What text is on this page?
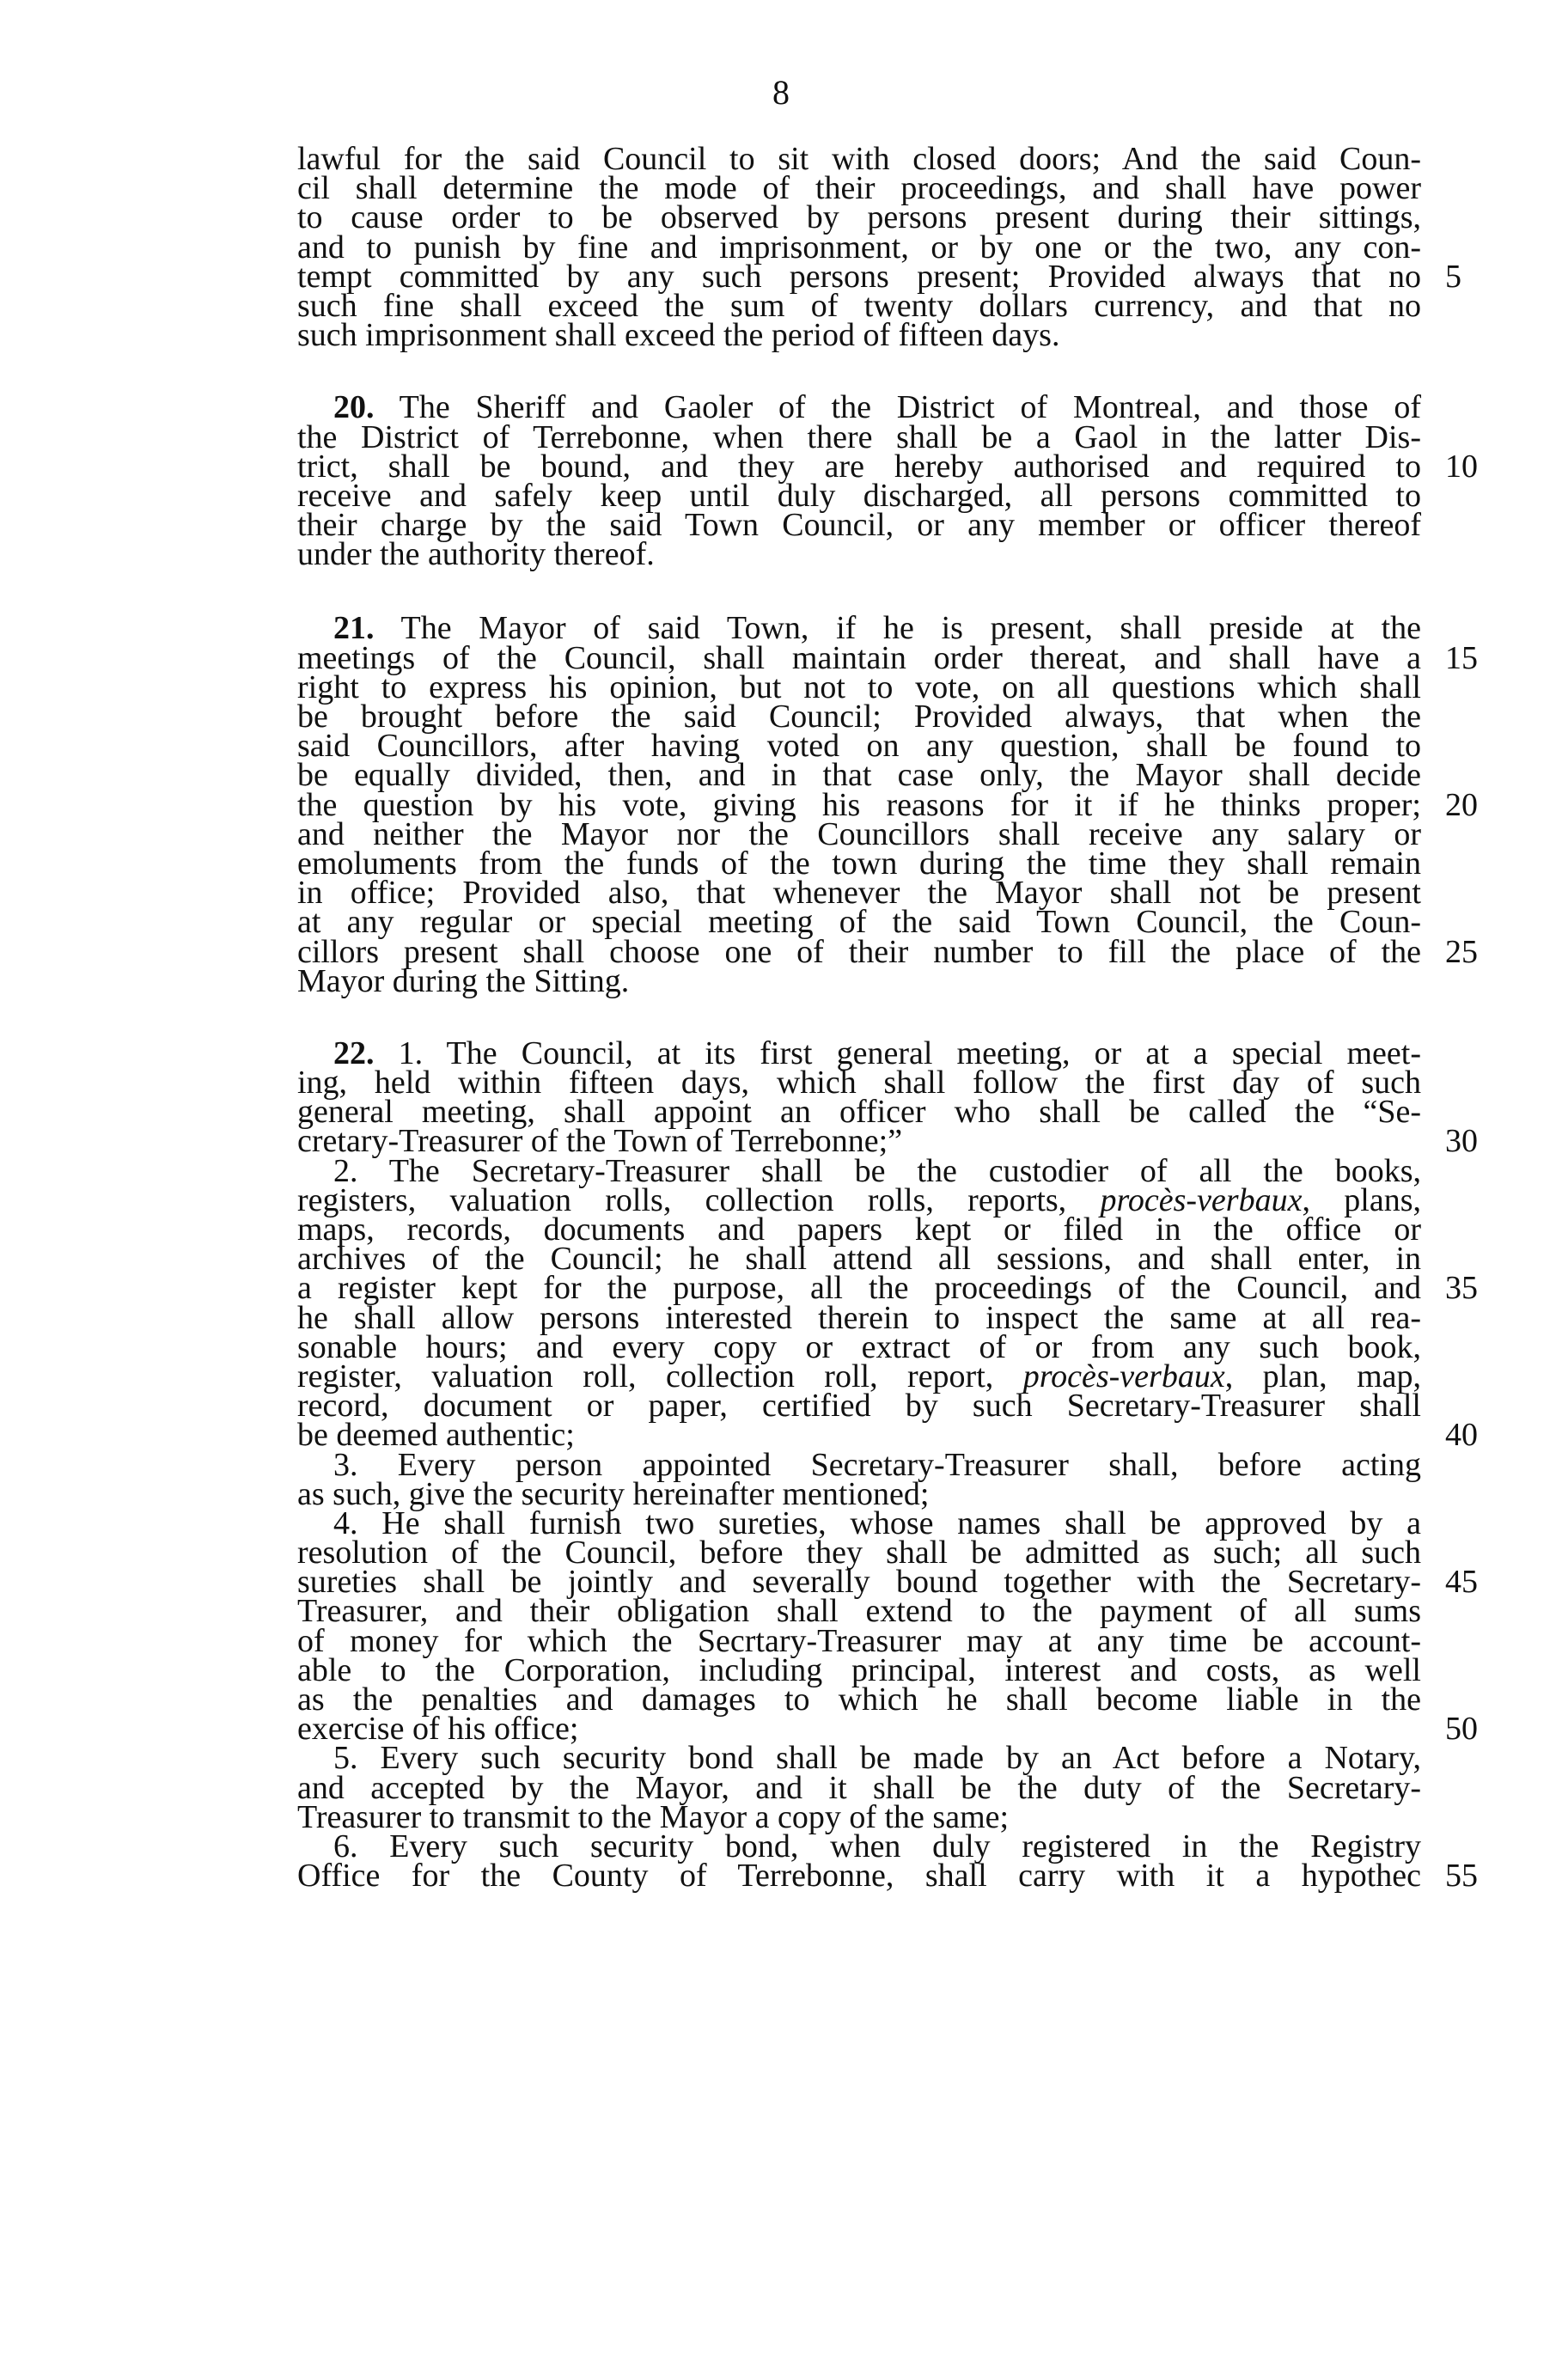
8
lawful for the said Council to sit with closed doors; And the said Coun-
cil shall determine the mode of their proceedings, and shall have power
to cause order to be observed by persons present during their sittings,
and to punish by fine and imprisonment, or by one or the two, any con-
tempt committed by any such persons present; Provided always that no 5
such fine shall exceed the sum of twenty dollars currency, and that no
such imprisonment shall exceed the period of fifteen days.
20. The Sheriff and Gaoler of the District of Montreal, and those of
the District of Terrebonne, when there shall be a Gaol in the latter Dis-
trict, shall be bound, and they are hereby authorised and required to 10
receive and safely keep until duly discharged, all persons committed to
their charge by the said Town Council, or any member or officer thereof
under the authority thereof.
21. The Mayor of said Town, if he is present, shall preside at the
meetings of the Council, shall maintain order thereat, and shall have a 15
right to express his opinion, but not to vote, on all questions which shall
be brought before the said Council; Provided always, that when the
said Councillors, after having voted on any question, shall be found to
be equally divided, then, and in that case only, the Mayor shall decide
the question by his vote, giving his reasons for it if he thinks proper; 20
and neither the Mayor nor the Councillors shall receive any salary or
emoluments from the funds of the town during the time they shall remain
in office; Provided also, that whenever the Mayor shall not be present
at any regular or special meeting of the said Town Council, the Coun-
cillors present shall choose one of their number to fill the place of the 25
Mayor during the Sitting.
22. 1. The Council, at its first general meeting, or at a special meet-
ing, held within fifteen days, which shall follow the first day of such
general meeting, shall appoint an officer who shall be called the “Se-
cretary-Treasurer of the Town of Terrebonne;”	30
2. The Secretary-Treasurer shall be the custodier of all the books,
registers, valuation rolls, collection rolls, reports, procès-verbaux, plans,
maps, records, documents and papers kept or filed in the office or
archives of the Council; he shall attend all sessions, and shall enter, in
a register kept for the purpose, all the proceedings of the Council, and 35
he shall allow persons interested therein to inspect the same at all rea-
sonable hours; and every copy or extract of or from any such book,
register, valuation roll, collection roll, report, procès-verbaux, plan, map,
record, document or paper, certified by such Secretary-Treasurer shall
be deemed authentic;	40
3. Every person appointed Secretary-Treasurer shall, before acting
as such, give the security hereinafter mentioned;
4. He shall furnish two sureties, whose names shall be approved by a
resolution of the Council, before they shall be admitted as such; all such
sureties shall be jointly and severally bound together with the Secretary- 45
Treasurer, and their obligation shall extend to the payment of all sums
of money for which the Secrtary-Treasurer may at any time be account-
able to the Corporation, including principal, interest and costs, as well
as the penalties and damages to which he shall become liable in the
exercise of his office;	50
5. Every such security bond shall be made by an Act before a Notary,
and accepted by the Mayor, and it shall be the duty of the Secretary-
Treasurer to transmit to the Mayor a copy of the same;
6. Every such security bond, when duly registered in the Registry
Office for the County of Terrebonne, shall carry with it a hypothec 55
